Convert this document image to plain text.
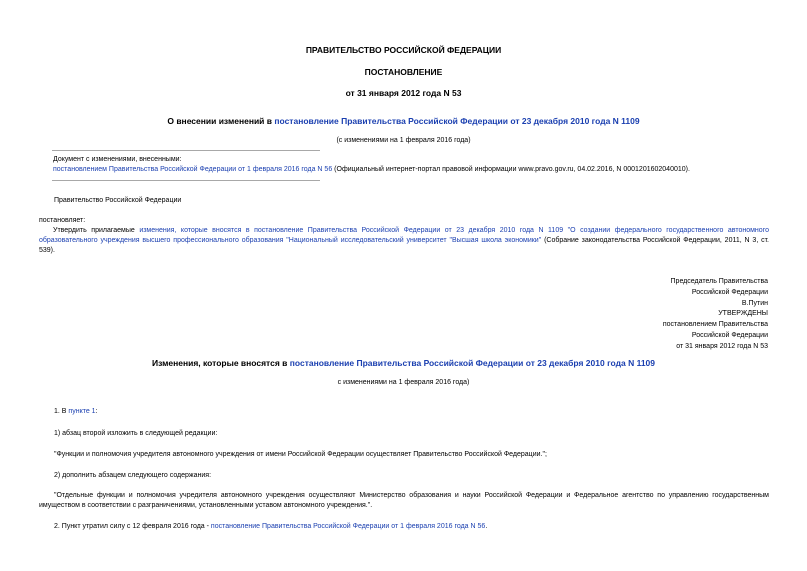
ПРАВИТЕЛЬСТВО РОССИЙСКОЙ ФЕДЕРАЦИИ
ПОСТАНОВЛЕНИЕ
от 31 января 2012 года N 53
О внесении изменений в постановление Правительства Российской Федерации от 23 декабря 2010 года N 1109
(с изменениями на 1 февраля 2016 года)
Документ с изменениями, внесенными:
постановлением Правительства Российской Федерации от 1 февраля 2016 года N 56 (Официальный интернет-портал правовой информации www.pravo.gov.ru, 04.02.2016, N 0001201602040010).
Правительство Российской Федерации
постановляет:
Утвердить прилагаемые изменения, которые вносятся в постановление Правительства Российской Федерации от 23 декабря 2010 года N 1109 "О создании федерального государственного автономного образовательного учреждения высшего профессионального образования "Национальный исследовательский университет "Высшая школа экономики" (Собрание законодательства Российской Федерации, 2011, N 3, ст. 539).
Председатель Правительства
Российской Федерации
В.Путин
УТВЕРЖДЕНЫ
постановлением Правительства
Российской Федерации
от 31 января 2012 года N 53
Изменения, которые вносятся в постановление Правительства Российской Федерации от 23 декабря 2010 года N 1109
с изменениями на 1 февраля 2016 года)
1. В пункте 1:
1) абзац второй изложить в следующей редакции:
"Функции и полномочия учредителя автономного учреждения от имени Российской Федерации осуществляет Правительство Российской Федерации.";
2) дополнить абзацем следующего содержания:
"Отдельные функции и полномочия учредителя автономного учреждения осуществляют Министерство образования и науки Российской Федерации и Федеральное агентство по управлению государственным имуществом в соответствии с разграничениями, установленными уставом автономного учреждения.".
2. Пункт утратил силу с 12 февраля 2016 года - постановление Правительства Российской Федерации от 1 февраля 2016 года N 56.
